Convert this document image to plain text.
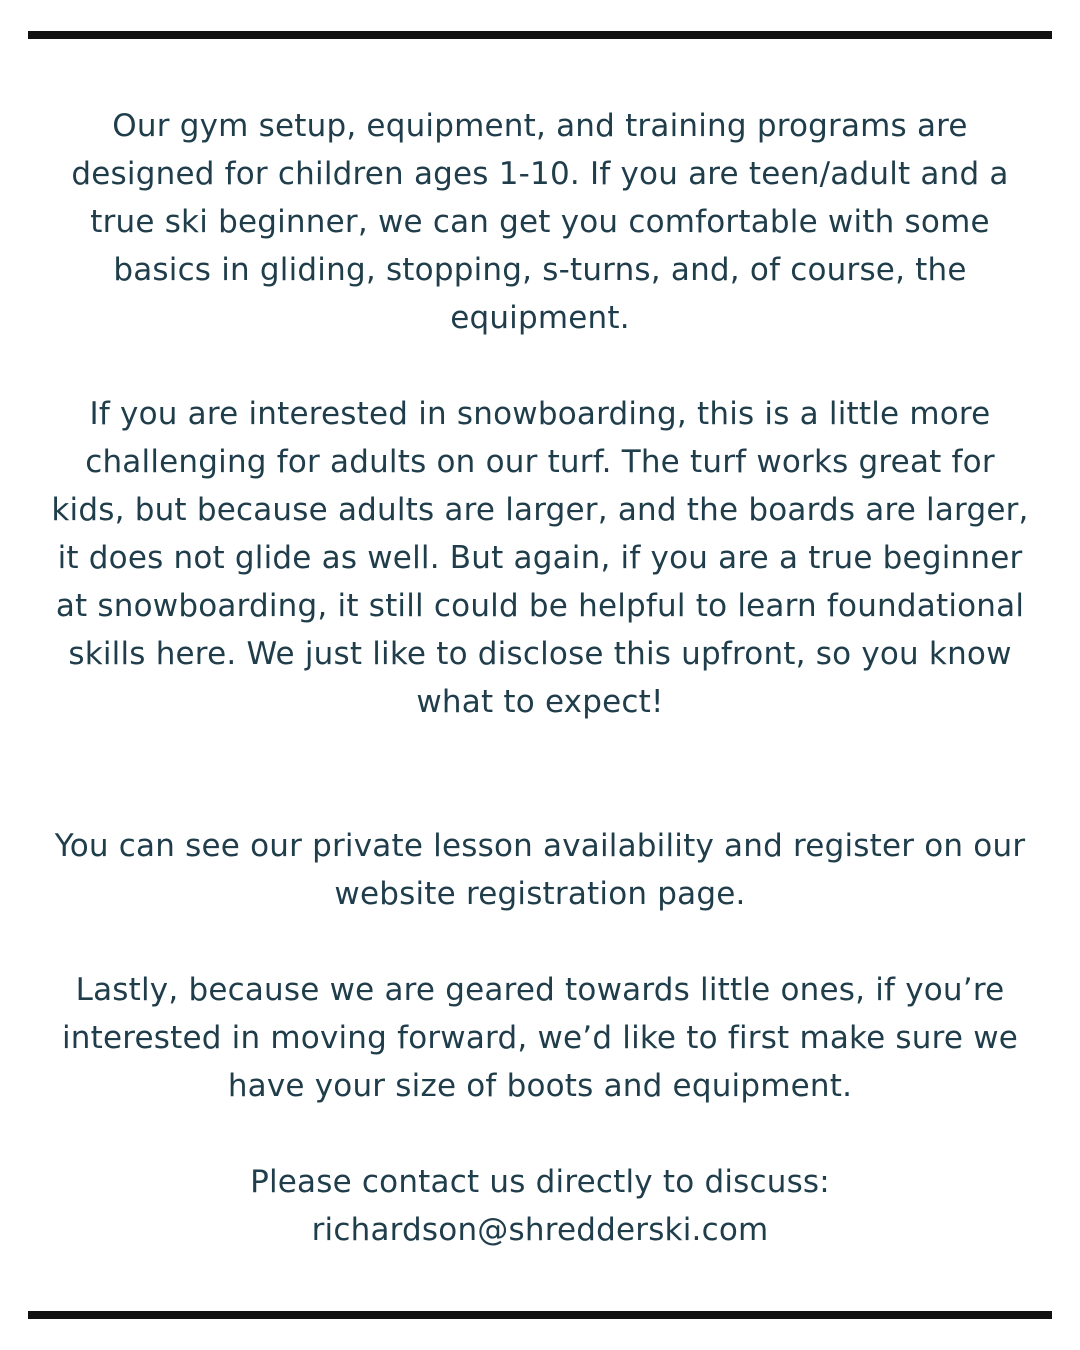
Our gym setup, equipment, and training programs are designed for children ages 1-10. If you are teen/adult and a true ski beginner, we can get you comfortable with some basics in gliding, stopping, s-turns, and, of course, the equipment.

If you are interested in snowboarding, this is a little more challenging for adults on our turf. The turf works great for kids, but because adults are larger, and the boards are larger, it does not glide as well. But again, if you are a true beginner at snowboarding, it still could be helpful to learn foundational skills here. We just like to disclose this upfront, so you know what to expect!

You can see our private lesson availability and register on our website registration page.

Lastly, because we are geared towards little ones, if you’re interested in moving forward, we’d like to first make sure we have your size of boots and equipment.

Please contact us directly to discuss:

richardson@shredderski.com
